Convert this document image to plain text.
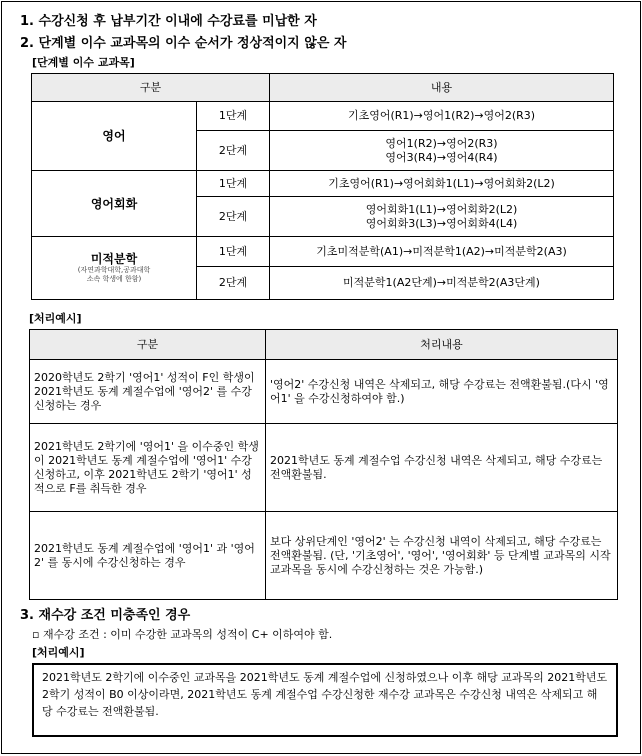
1. 수강신청 후 납부기간 이내에 수강료를 미납한 자
2. 단계별 이수 교과목의 이수 순서가 정상적이지 않은 자
[단계별 이수 교과목]
구분		내용
영어	1단계	기초영어(R1)→영어1(R2)→영어2(R3)
	2단계	영어1(R2)→영어2(R3)
영어3(R4)→영어4(R4)

영어회화	1단계	기초영어(R1)→영어회화1(L1)→영어회화2(L2)
	2단계	영어회화1(L1)→영어회화2(L2)
영어회화3(L3)→영어회화4(L4)

미적분학
(자연과학대학,공과대학
소속 학생에 한함)	1단계	기초미적분학(A1)→미적분학1(A2)→미적분학2(A3)
	2단계	미적분학1(A2단계)→미적분학2(A3단계)
[처리예시]
구분	처리내용
2020학년도 2학기 '영어1' 성적이 F인 학생이 2021학년도 동계 계절수업에 '영어2' 를 수강신청하는 경우	'영어2' 수강신청 내역은 삭제되고, 해당 수강료는 전액환불됨.(다시 '영어1' 을 수강신청하여야 함.)
2021학년도 2학기에 '영어1' 을 이수중인 학생이 2021학년도 동계 계절수업에 '영어1' 수강신청하고, 이후 2021학년도 2학기 '영어1' 성적으로 F를 취득한 경우	2021학년도 동계 계절수업 수강신청 내역은 삭제되고, 해당 수강료는 전액환불됨.
2021학년도 동계 계절수업에 '영어1' 과 '영어2' 를 동시에 수강신청하는 경우	보다 상위단계인 '영어2' 는 수강신청 내역이 삭제되고, 해당 수강료는 전액환불됨. (단, '기초영어', '영어', '영어회화' 등 단계별 교과목의 시작 교과목을 동시에 수강신청하는 것은 가능함.)
3. 재수강 조건 미충족인 경우
▫ 재수강 조건 : 이미 수강한 교과목의 성적이 C+ 이하여야 함.
[처리예시]
2021학년도 2학기에 이수중인 교과목을 2021학년도 동계 계절수업에 신청하였으나 이후 해당 교과목의 2021학년도 2학기 성적이 B0 이상이라면, 2021학년도 동계 계절수업 수강신청한 재수강 교과목은 수강신청 내역은 삭제되고 해당 수강료는 전액환불됨.
